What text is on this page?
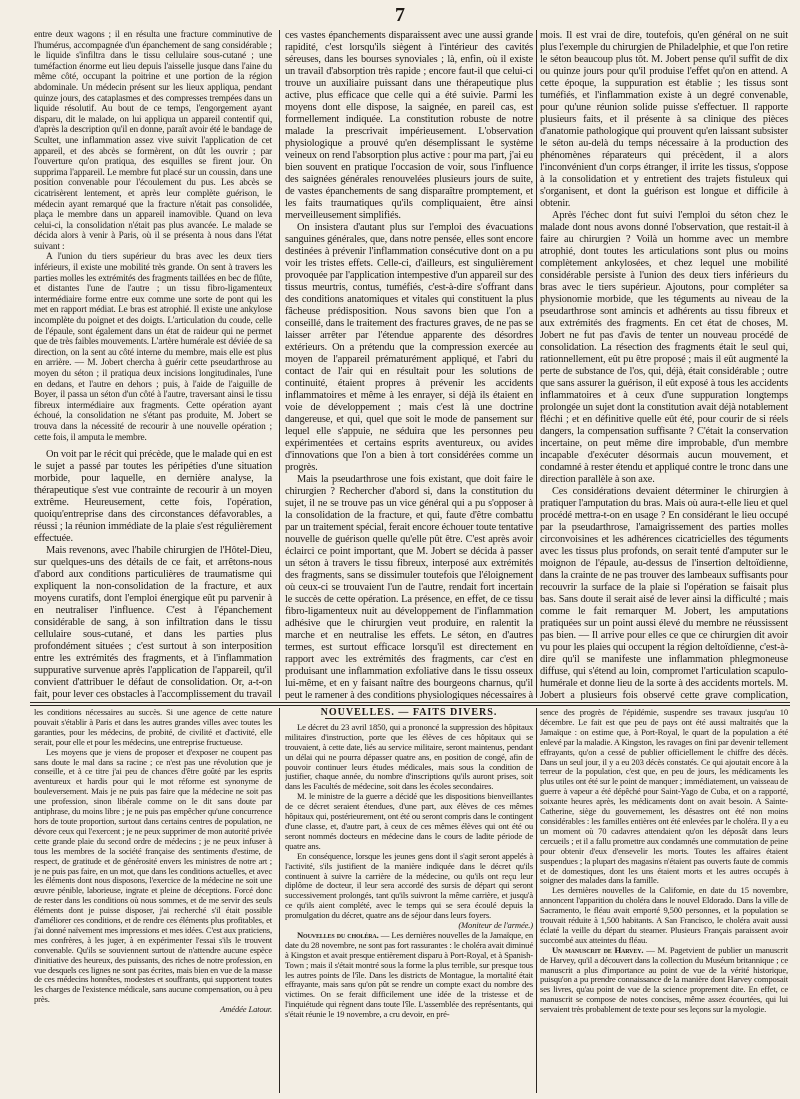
7

entre deux wagons ; il en résulta une fracture comminutive de l'humérus, accompagnée d'un épanchement de sang considérable ; le liquide s'infiltra dans le tissu cellulaire sous-cutané ; une tuméfaction énorme eut lieu depuis l'aisselle jusque dans l'aine du même côté, occupant la poitrine et une portion de la région abdominale. Un médecin présent sur les lieux appliqua, pendant quinze jours, des cataplasmes et des compresses trempées dans un liquide résolutif. Au bout de ce temps, l'engorgement ayant disparu, dit le malade, on lui appliqua un appareil contentif qui, d'après la description qu'il en donne, paraît avoir été le bandage de Scultet, une inflammation assez vive suivit l'application de cet appareil, et des abcès se formèrent, on dût les ouvrir ; par l'ouverture qu'on pratiqua, des esquilles se firent jour. On supprima l'appareil. Le membre fut placé sur un coussin, dans une position convenable pour l'écoulement du pus. Les abcès se cicatrisèrent lentement, et après leur complète guérison, le médecin ayant remarqué que la fracture n'était pas consolidée, plaça le membre dans un appareil inamovible. Quand on leva celui-ci, la consolidation n'était pas plus avancée. Le malade se décida alors à venir à Paris, où il se présenta à nous dans l'état suivant :

A l'union du tiers supérieur du bras avec les deux tiers inférieurs, il existe une mobilité très grande. On sent à travers les parties molles les extrémités des fragments taillées en bec de flûte, et distantes l'une de l'autre ; un tissu fibro-ligamenteux intermédiaire forme entre eux comme une sorte de pont qui les met en rapport médiat. Le bras est atrophié. Il existe une ankylose incomplète du poignet et des doigts. L'articulation du coude, celle de l'épaule, sont également dans un état de raideur qui ne permet que de très faibles mouvements. L'artère humérale est déviée de sa direction, on la sent au côté interne du membre, mais elle est plus en arrière. — M. Jobert chercha à guérir cette pseudarthrose au moyen du séton ; il pratiqua deux incisions longitudinales, l'une en dedans, et l'autre en dehors ; puis, à l'aide de l'aiguille de Boyer, il passa un séton d'un côté à l'autre, traversant ainsi le tissu fibreux intermédiaire aux fragments. Cette opération ayant échoué, la consolidation ne s'étant pas produite, M. Jobert se trouva dans la nécessité de recourir à une nouvelle opération ; cette fois, il amputa le membre.

On voit par le récit qui précède, que le malade qui en est le sujet a passé par toutes les péripéties d'une situation morbide, pour laquelle, en dernière analyse, la thérapeutique s'est vue contrainte de recourir à un moyen extrême. Heureusement, cette fois, l'opération, quoiqu'entreprise dans des circonstances défavorables, a réussi ; la réunion immédiate de la plaie s'est régulièrement effectuée.

Mais revenons, avec l'habile chirurgien de l'Hôtel-Dieu, sur quelques-uns des détails de ce fait, et arrêtons-nous d'abord aux conditions particulières de traumatisme qui expliquent la non-consolidation de la fracture, et aux moyens curatifs, dont l'emploi énergique eût pu parvenir à en neutraliser l'influence. C'est à l'épanchement considérable de sang, à son infiltration dans le tissu cellulaire sous-cutané, et dans les parties plus profondément situées ; c'est surtout à son interposition entre les extrémités des fragments, et à l'inflammation suppurative survenue après l'application de l'appareil, qu'il convient d'attribuer le défaut de consolidation. Or, a-t-on fait, pour lever ces obstacles à l'accomplissement du travail

ces vastes épanchements disparaissent avec une aussi grande rapidité, c'est lorsqu'ils siègent à l'intérieur des cavités séreuses, dans les bourses synoviales ; là, enfin, où il existe un travail d'absorption très rapide ; encore faut-il que celui-ci trouve un auxiliaire puissant dans une thérapeutique plus active, plus efficace que celle qui a été suivie. Parmi les moyens dont elle dispose, la saignée, en pareil cas, est formellement indiquée. La constitution robuste de notre malade la prescrivait impérieusement. L'observation physiologique a prouvé qu'en désemplissant le système veineux on rend l'absorption plus active : pour ma part, j'ai eu bien souvent en pratique l'occasion de voir, sous l'influence des saignées générales renouvelées plusieurs jours de suite, de vastes épanchements de sang disparaître promptement, et les faits traumatiques qu'ils compliquaient, être ainsi merveilleusement simplifiés.

On insistera d'autant plus sur l'emploi des évacuations sanguines générales, que, dans notre pensée, elles sont encore destinées à prévenir l'inflammation consécutive dont on a pu voir les tristes effets. Celle-ci, d'ailleurs, est singulièrement provoquée par l'application intempestive d'un appareil sur des tissus meurtris, contus, tuméfiés, c'est-à-dire s'offrant dans des conditions anatomiques et vitales qui constituent la plus fâcheuse prédisposition. Nous savons bien que l'on a conseillé, dans le traitement des fractures graves, de ne pas se laisser arrêter par l'étendue apparente des désordres extérieurs. On a prétendu que la compression exercée au moyen de l'appareil prématurément appliqué, et l'abri du contact de l'air qui en résultait pour les solutions de continuité, étaient propres à prévenir les accidents inflammatoires et même à les enrayer, si déjà ils étaient en voie de développement ; mais c'est là une doctrine dangereuse, et qui, quel que soit le mode de pansement sur lequel elle s'appuie, ne séduira que les personnes peu expérimentées et certains esprits aventureux, ou avides d'innovations que l'on a bien à tort considérées comme un progrès.

Mais la pseudarthrose une fois existant, que doit faire le chirurgien ? Rechercher d'abord si, dans la constitution du sujet, il ne se trouve pas un vice général qui a pu s'opposer à la consolidation de la fracture, et qui, faute d'être combattu par un traitement spécial, ferait encore échouer toute tentative nouvelle de guérison quelle qu'elle pût être. C'est après avoir éclairci ce point important, que M. Jobert se décida à passer un séton à travers le tissu fibreux, interposé aux extrémités des fragments, sans se dissimuler toutefois que l'éloignement où ceux-ci se trouvaient l'un de l'autre, rendait fort incertain le succès de cette opération. La présence, en effet, de ce tissu fibro-ligamenteux nuit au développement de l'inflammation adhésive que le chirurgien veut produire, en ralentit la marche et en neutralise les effets. Le séton, en d'autres termes, est surtout efficace lorsqu'il est directement en rapport avec les extrémités des fragments, car c'est en produisant une inflammation exfoliative dans le tissu osseux lui-même, et en y faisant naître des bourgeons charnus, qu'il peut le ramener à des conditions physiologiques nécessaires à

mois. Il est vrai de dire, toutefois, qu'en général on ne suit plus l'exemple du chirurgien de Philadelphie, et que l'on retire le séton beaucoup plus tôt. M. Jobert pense qu'il suffit de dix ou quinze jours pour qu'il produise l'effet qu'on en attend. A cette époque, la suppuration est établie ; les tissus sont tuméfiés, et l'inflammation existe à un degré convenable, pour qu'une réunion solide puisse s'effectuer. Il rapporte plusieurs faits, et il présente à sa clinique des pièces d'anatomie pathologique qui prouvent qu'en laissant subsister le séton au-delà du temps nécessaire à la production des phénomènes réparateurs qui précèdent, il a alors l'inconvénient d'un corps étranger, il irrite les tissus, s'oppose à la consolidation et y entretient des trajets fistuleux qui s'organisent, et dont la guérison est longue et difficile à obtenir.

Après l'échec dont fut suivi l'emploi du séton chez le malade dont nous avons donné l'observation, que restait-il à faire au chirurgien ? Voilà un homme avec un membre atrophié, dont toutes les articulations sont plus ou moins complètement ankylosées, et chez lequel une mobilité considérable persiste à l'union des deux tiers inférieurs du bras avec le tiers supérieur. Ajoutons, pour compléter sa physionomie morbide, que les téguments au niveau de la pseudarthrose sont amincis et adhérents au tissu fibreux et aux extrémités des fragments. En cet état de choses, M. Jobert ne fut pas d'avis de tenter un nouveau procédé de consolidation. La résection des fragments était le seul qui, rationnellement, eût pu être proposé ; mais il eût augmenté la perte de substance de l'os, qui, déjà, était considérable ; outre que sans assurer la guérison, il eût exposé à tous les accidents inflammatoires et à ceux d'une suppuration longtemps prolongée un sujet dont la constitution avait déjà notablement fléchi ; et en définitive quelle eût été, pour courir de si réels dangers, la compensation suffisante ? C'était la conservation incertaine, on peut même dire improbable, d'un membre incapable d'exécuter désormais aucun mouvement, et condamné à rester étendu et appliqué contre le tronc dans une direction parallèle à son axe.

Ces considérations devaient déterminer le chirurgien à pratiquer l'amputation du bras. Mais où aura-t-elle lieu et quel procédé mettra-t-on en usage ? En considérant le lieu occupé par la pseudarthrose, l'amaigrissement des parties molles circonvoisines et les adhérences cicatricielles des téguments avec les tissus plus profonds, on serait tenté d'amputer sur le moignon de l'épaule, au-dessus de l'insertion deltoïdienne, dans la crainte de ne pas trouver des lambeaux suffisants pour recouvrir la surface de la plaie si l'opération se faisait plus bas. Sans doute il serait aisé de lever ainsi la difficulté ; mais comme le fait remarquer M. Jobert, les amputations pratiquées sur un point aussi élevé du membre ne réussissent pas bien. — Il arrive pour elles ce que ce chirurgien dit avoir vu pour les plaies qui occupent la région deltoïdienne, c'est-à-dire qu'il se manifeste une inflammation phlegmoneuse diffuse, qui s'étend au loin, compromet l'articulation scapulo-humérale et donne lieu de la sorte à des accidents mortels. M. Jobert a plusieurs fois observé cette grave complication,

les conditions nécessaires au succès. Si une agence de cette nature pouvait s'établir à Paris et dans les autres grandes villes avec toutes les garanties, pour les médecins, de probité, de civilité et d'activité, elle serait, pour elle et pour les médecins, une entreprise fructueuse.

Les moyens que je viens de proposer et d'exposer ne coupent pas sans doute le mal dans sa racine ; ce n'est pas une révolution que je conseille, et à ce titre j'ai peu de chances d'être goûté par les esprits aventureux et hardis pour qui le mot réforme est synonyme de bouleversement. Mais je ne puis pas faire que la médecine ne soit pas une profession, sinon libérale comme on le dit sans doute par antiphrase, du moins libre ; je ne puis pas empêcher qu'une concurrence hors de toute proportion, surtout dans certains centres de population, ne dévore ceux qui l'exercent ; je ne peux supprimer de mon autorité privée cette grande plaie du second ordre de médecins ; je ne peux infuser à tous les membres de la société française des sentiments d'estime, de respect, de gratitude et de générosité envers les ministres de notre art ; je ne puis pas faire, en un mot, que dans les conditions actuelles, et avec les éléments dont nous disposons, l'exercice de la médecine ne soit une œuvre pénible, laborieuse, ingrate et pleine de déceptions. Forcé donc de rester dans les conditions où nous sommes, et de me servir des seuls éléments dont je puisse disposer, j'ai recherché s'il était possible d'améliorer ces conditions, et de rendre ces éléments plus profitables, et j'ai donné naïvement mes impressions et mes idées. C'est aux praticiens, mes confrères, à les juger, à en expérimenter l'essai s'ils le trouvent convenable. Qu'ils se souviennent surtout de n'attendre aucune espèce d'initiative des heureux, des puissants, des riches de notre profession, en vue desquels ces lignes ne sont pas écrites, mais bien en vue de la masse de ces médecins honnêtes, modestes et souffrants, qui supportent toutes les charges de l'existence médicale, sans aucune compensation, ou à peu près.

Amédée Latour.

NOUVELLES. — FAITS DIVERS.

Le décret du 23 avril 1850, qui a prononcé la suppression des hôpitaux militaires d'instruction, porte que les élèves de ces hôpitaux qui se trouvaient, à cette date, liés au service militaire, seront maintenus, pendant un délai qui ne pourra dépasser quatre ans, en position de congé, afin de pouvoir continuer leurs études médicales, mais sous la condition de justifier, chaque année, du nombre d'inscriptions qu'ils auront prises, soit dans les Facultés de médecine, soit dans les écoles secondaires.

M. le ministre de la guerre a décidé que les dispositions bienveillantes de ce décret seraient étendues, d'une part, aux élèves de ces mêmes hôpitaux qui, postérieurement, ont été ou seront compris dans le contingent d'une classe, et, d'autre part, à ceux de ces mêmes élèves qui ont été ou seront nommés docteurs en médecine dans le cours de ladite période de quatre ans.

En conséquence, lorsque les jeunes gens dont il s'agit seront appelés à l'activité, s'ils justifient de la manière indiquée dans le décret qu'ils continuent à suivre la carrière de la médecine, ou qu'ils ont reçu leur diplôme de docteur, il leur sera accordé des sursis de départ qui seront successivement prolongés, tant qu'ils suivront la même carrière, et jusqu'à ce qu'ils aient complété, avec le temps qui se sera écoulé depuis la promulgation du décret, quatre ans de séjour dans leurs foyers.

(Moniteur de l'armée.)

Nouvelles du choléra. — Les dernières nouvelles de la Jamaïque, en date du 28 novembre, ne sont pas fort rassurantes : le choléra avait diminué à Kingston et avait presque entièrement disparu à Port-Royal, et à Spanish-Town ; mais il s'était montré sous la forme la plus terrible, sur presque tous les autres points de l'île. Dans les districts de Montague, la mortalité était effrayante, mais sans qu'on pût se rendre un compte exact du nombre des victimes. On se ferait difficilement une idée de la tristesse et de l'inquiétude qui règnent dans toute l'île. L'assemblée des représentants, qui s'était réunie le 19 novembre, a cru devoir, en pré-

sence des progrès de l'épidémie, suspendre ses travaux jusqu'au 10 décembre. Le fait est que peu de pays ont été aussi maltraités que la Jamaïque : on estime que, à Port-Royal, le quart de la population a été enlevé par la maladie. A Kingston, les ravages on fini par devenir tellement effrayants, qu'on a cessé de publier officiellement le chiffre des décès. Dans un seul jour, il y a eu 203 décès constatés. Ce qui ajoutait encore à la terreur de la population, c'est que, en peu de jours, les médicaments les plus utiles ont été sur le point de manquer ; immédiatement, un vaisseau de guerre à vapeur a été dépêché pour Saint-Yago de Cuba, et on a rapporté, soixante heures après, les médicaments dont on avait besoin. A Sainte-Catherine, siège du gouvernement, les désastres ont été non moins considérables : les familles entières ont été enlevées par le choléra. Il y a eu un moment où 70 cadavres attendaient qu'on les déposât dans leurs cercueils ; et il a fallu promettre aux condamnés une commutation de peine pour obtenir d'eux d'ensevelir les morts. Toutes les affaires étaient suspendues ; la plupart des magasins n'étaient pas ouverts faute de commis et de domestiques, dont les uns étaient morts et les autres occupés à soigner des malades dans la famille.

Les dernières nouvelles de la Californie, en date du 15 novembre, annoncent l'apparition du choléra dans le nouvel Eldorado. Dans la ville de Sacramento, le fléau avait emporté 9,500 personnes, et la population se trouvait réduite à 1,500 habitants. A San Francisco, le choléra avait aussi éclaté la veille du départ du steamer. Plusieurs Français paraissent avoir succombé aux atteintes du fléau.

Un manuscrit de Harvey. — M. Pagetvient de publier un manuscrit de Harvey, qu'il a découvert dans la collection du Muséum britannique ; ce manuscrit a plus d'importance au point de vue de la vérité historique, puisqu'on a pu prendre connaissance de la manière dont Harvey composait ses livres, qu'au point de vue de la science proprement dite. En effet, ce manuscrit se compose de notes concises, même assez écourtées, qui lui servaient très probablement de texte pour ses leçons sur la myologie.
